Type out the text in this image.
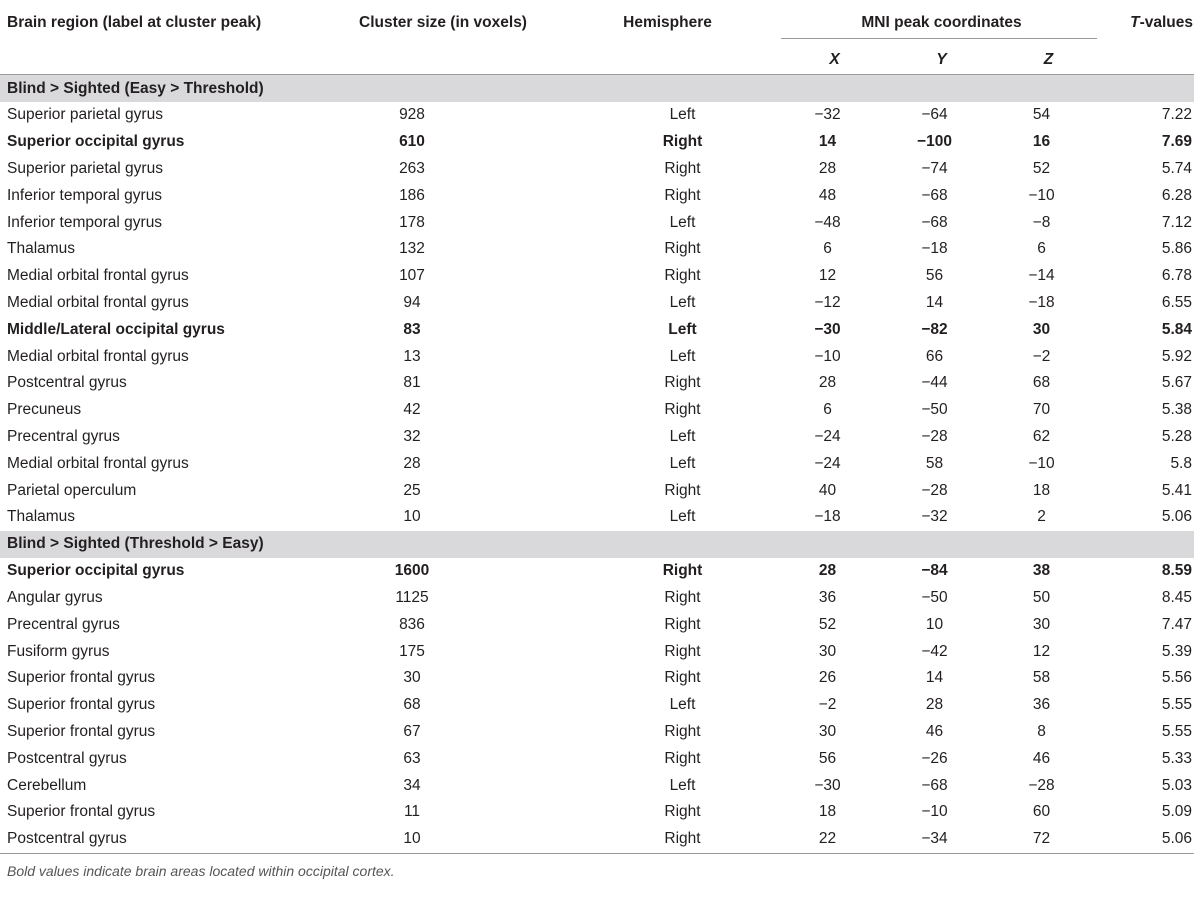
Brain region (label at cluster peak)	Cluster size (in voxels)	Hemisphere	MNI peak coordinates			T-values
			X	Y	Z	
Blind > Sighted (Easy > Threshold)						
Superior parietal gyrus	928	Left	−32	−64	54	7.22
Superior occipital gyrus	610	Right	14	−100	16	7.69
Superior parietal gyrus	263	Right	28	−74	52	5.74
Inferior temporal gyrus	186	Right	48	−68	−10	6.28
Inferior temporal gyrus	178	Left	−48	−68	−8	7.12
Thalamus	132	Right	6	−18	6	5.86
Medial orbital frontal gyrus	107	Right	12	56	−14	6.78
Medial orbital frontal gyrus	94	Left	−12	14	−18	6.55
Middle/Lateral occipital gyrus	83	Left	−30	−82	30	5.84
Medial orbital frontal gyrus	13	Left	−10	66	−2	5.92
Postcentral gyrus	81	Right	28	−44	68	5.67
Precuneus	42	Right	6	−50	70	5.38
Precentral gyrus	32	Left	−24	−28	62	5.28
Medial orbital frontal gyrus	28	Left	−24	58	−10	5.8
Parietal operculum	25	Right	40	−28	18	5.41
Thalamus	10	Left	−18	−32	2	5.06
Blind > Sighted (Threshold > Easy)						
Superior occipital gyrus	1600	Right	28	−84	38	8.59
Angular gyrus	1125	Right	36	−50	50	8.45
Precentral gyrus	836	Right	52	10	30	7.47
Fusiform gyrus	175	Right	30	−42	12	5.39
Superior frontal gyrus	30	Right	26	14	58	5.56
Superior frontal gyrus	68	Left	−2	28	36	5.55
Superior frontal gyrus	67	Right	30	46	8	5.55
Postcentral gyrus	63	Right	56	−26	46	5.33
Cerebellum	34	Left	−30	−68	−28	5.03
Superior frontal gyrus	11	Right	18	−10	60	5.09
Postcentral gyrus	10	Right	22	−34	72	5.06
Bold values indicate brain areas located within occipital cortex.
